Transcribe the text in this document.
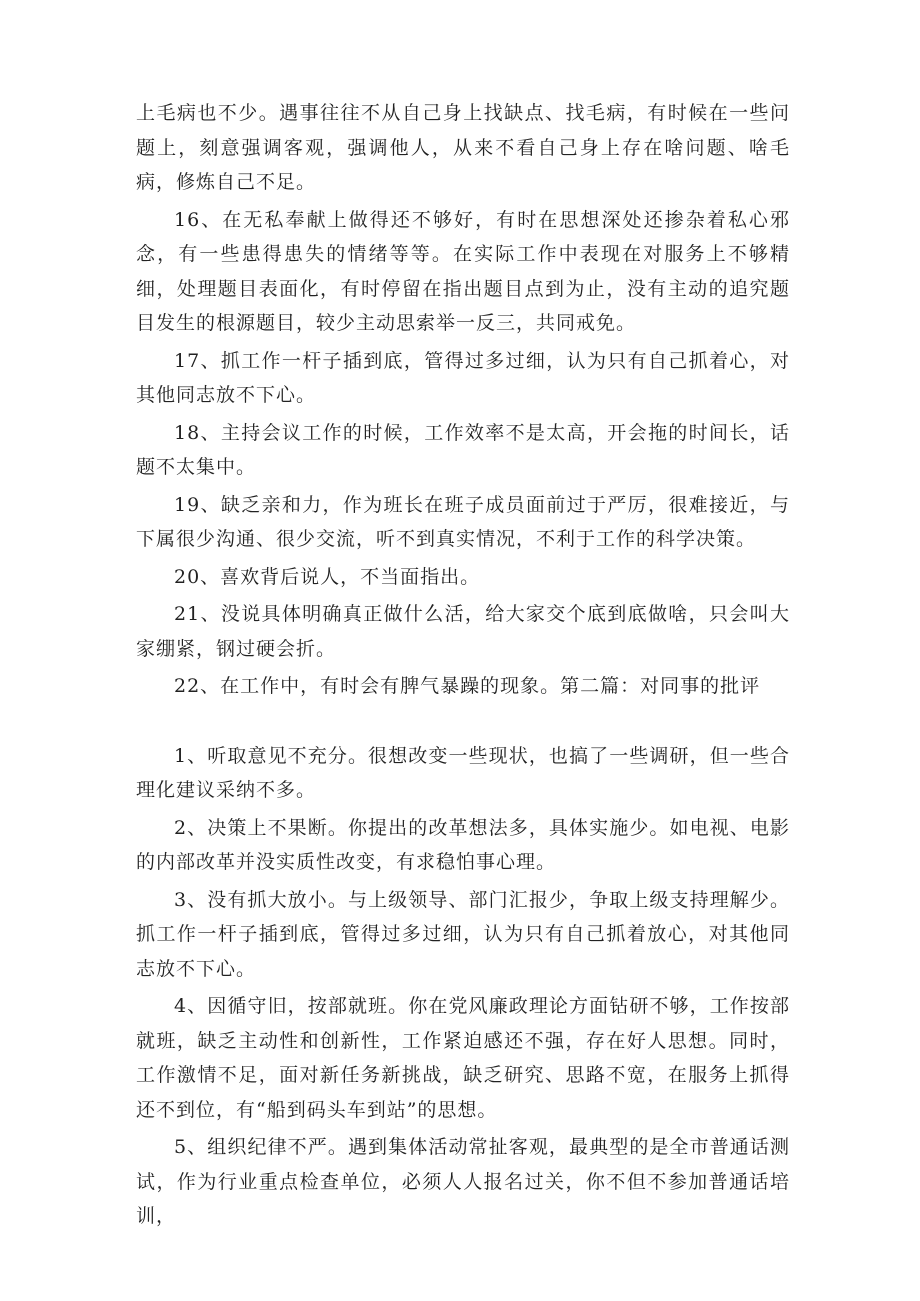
上毛病也不少。遇事往往不从自己身上找缺点、找毛病，有时候在一些问题上，刻意强调客观，强调他人，从来不看自己身上存在啥问题、啥毛病，修炼自己不足。

16、在无私奉献上做得还不够好，有时在思想深处还掺杂着私心邪念，有一些患得患失的情绪等等。在实际工作中表现在对服务上不够精细，处理题目表面化，有时停留在指出题目点到为止，没有主动的追究题目发生的根源题目，较少主动思索举一反三，共同戒免。

17、抓工作一杆子插到底，管得过多过细，认为只有自己抓着心，对其他同志放不下心。

18、主持会议工作的时候，工作效率不是太高，开会拖的时间长，话题不太集中。

19、缺乏亲和力，作为班长在班子成员面前过于严厉，很难接近，与下属很少沟通、很少交流，听不到真实情况，不利于工作的科学决策。

20、喜欢背后说人，不当面指出。

21、没说具体明确真正做什么活，给大家交个底到底做啥，只会叫大家绷紧，钢过硬会折。

22、在工作中，有时会有脾气暴躁的现象。第二篇：对同事的批评

1、听取意见不充分。很想改变一些现状，也搞了一些调研，但一些合理化建议采纳不多。

2、决策上不果断。你提出的改革想法多，具体实施少。如电视、电影的内部改革并没实质性改变，有求稳怕事心理。

3、没有抓大放小。与上级领导、部门汇报少，争取上级支持理解少。抓工作一杆子插到底，管得过多过细，认为只有自己抓着放心，对其他同志放不下心。

4、因循守旧，按部就班。你在党风廉政理论方面钻研不够，工作按部就班，缺乏主动性和创新性，工作紧迫感还不强，存在好人思想。同时，工作激情不足，面对新任务新挑战，缺乏研究、思路不宽，在服务上抓得还不到位，有“船到码头车到站”的思想。

5、组织纪律不严。遇到集体活动常扯客观，最典型的是全市普通话测试，作为行业重点检查单位，必须人人报名过关，你不但不参加普通话培训，
